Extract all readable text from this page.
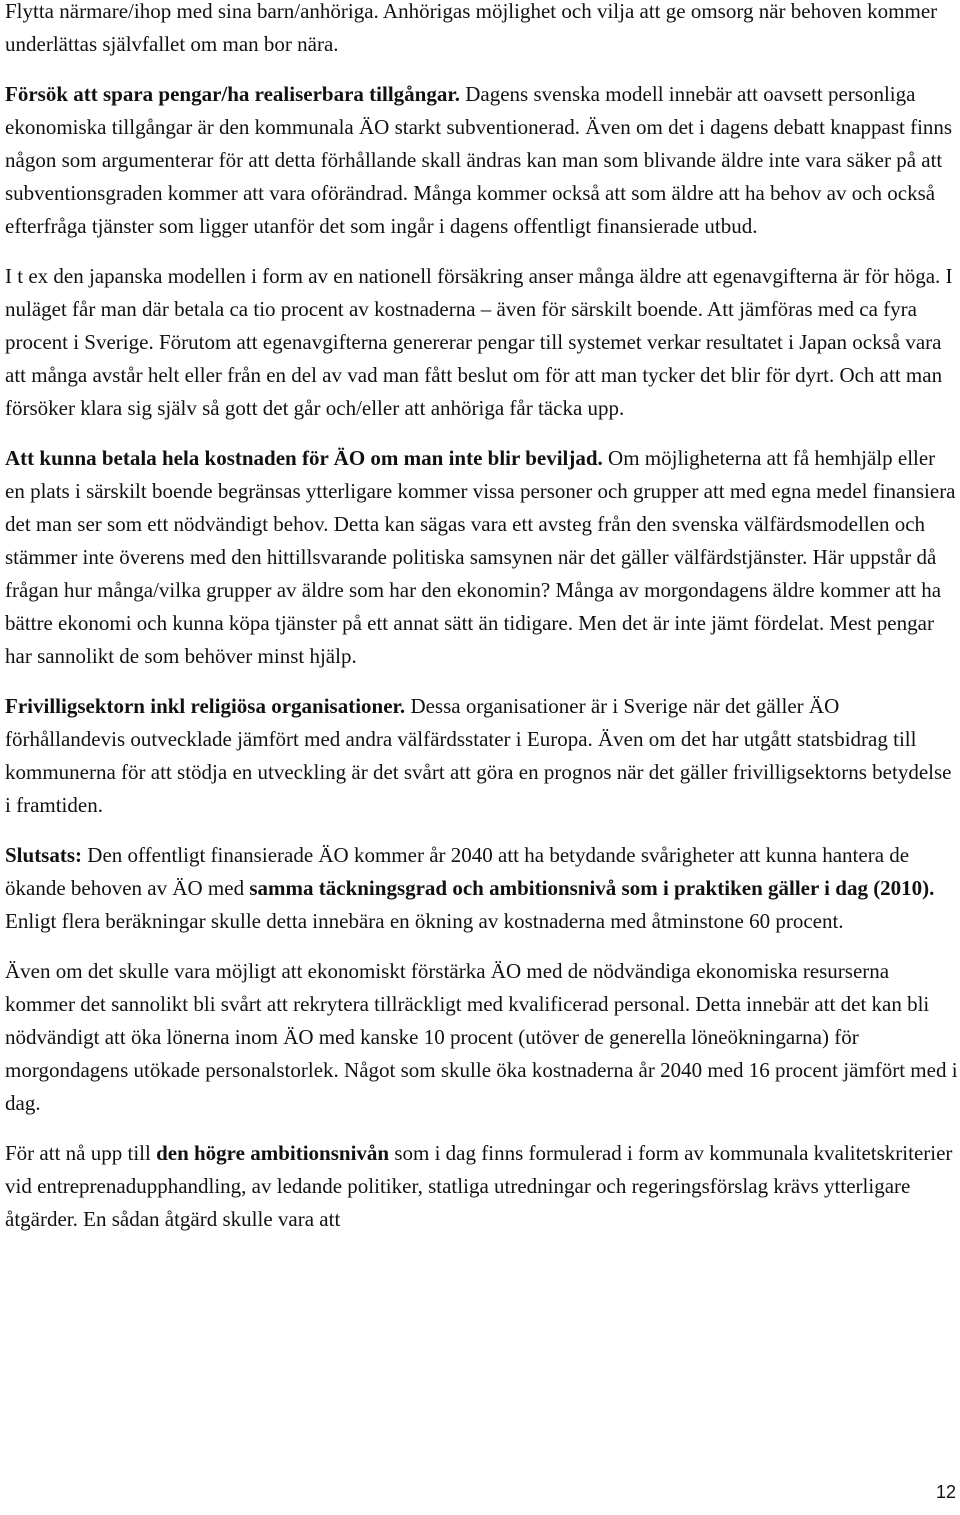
Flytta närmare/ihop med sina barn/anhöriga. Anhörigas möjlighet och vilja att ge omsorg när behoven kommer underlättas självfallet om man bor nära.

Försök att spara pengar/ha realiserbara tillgångar. Dagens svenska modell innebär att oavsett personliga ekonomiska tillgångar är den kommunala ÄO starkt subventionerad. Även om det i dagens debatt knappast finns någon som argumenterar för att detta förhållande skall ändras kan man som blivande äldre inte vara säker på att subventionsgraden kommer att vara oförändrad. Många kommer också att som äldre att ha behov av och också efterfråga tjänster som ligger utanför det som ingår i dagens offentligt finansierade utbud.

I t ex den japanska modellen i form av en nationell försäkring anser många äldre att egenavgifterna är för höga. I nuläget får man där betala ca tio procent av kostnaderna – även för särskilt boende. Att jämföras med ca fyra procent i Sverige. Förutom att egenavgifterna genererar pengar till systemet verkar resultatet i Japan också vara att många avstår helt eller från en del av vad man fått beslut om för att man tycker det blir för dyrt. Och att man försöker klara sig själv så gott det går och/eller att anhöriga får täcka upp.

Att kunna betala hela kostnaden för ÄO om man inte blir beviljad. Om möjligheterna att få hemhjälp eller en plats i särskilt boende begränsas ytterligare kommer vissa personer och grupper att med egna medel finansiera det man ser som ett nödvändigt behov. Detta kan sägas vara ett avsteg från den svenska välfärdsmodellen och stämmer inte överens med den hittillsvarande politiska samsynen när det gäller välfärdstjänster. Här uppstår då frågan hur många/vilka grupper av äldre som har den ekonomin? Många av morgondagens äldre kommer att ha bättre ekonomi och kunna köpa tjänster på ett annat sätt än tidigare. Men det är inte jämt fördelat. Mest pengar har sannolikt de som behöver minst hjälp.

Frivilligsektorn inkl religiösa organisationer. Dessa organisationer är i Sverige när det gäller ÄO förhållandevis outvecklade jämfört med andra välfärdsstater i Europa. Även om det har utgått statsbidrag till kommunerna för att stödja en utveckling är det svårt att göra en prognos när det gäller frivilligsektorns betydelse i framtiden.

Slutsats: Den offentligt finansierade ÄO kommer år 2040 att ha betydande svårigheter att kunna hantera de ökande behoven av ÄO med samma täckningsgrad och ambitionsnivå som i praktiken gäller i dag (2010). Enligt flera beräkningar skulle detta innebära en ökning av kostnaderna med åtminstone 60 procent.

Även om det skulle vara möjligt att ekonomiskt förstärka ÄO med de nödvändiga ekonomiska resurserna kommer det sannolikt bli svårt att rekrytera tillräckligt med kvalificerad personal. Detta innebär att det kan bli nödvändigt att öka lönerna inom ÄO med kanske 10 procent (utöver de generella löneökningarna) för morgondagens utökade personalstorlek. Något som skulle öka kostnaderna år 2040 med 16 procent jämfört med i dag.

För att nå upp till den högre ambitionsnivån som i dag finns formulerad i form av kommunala kvalitetskriterier vid entreprenadupphandling, av ledande politiker, statliga utredningar och regeringsförslag krävs ytterligare åtgärder. En sådan åtgärd skulle vara att

12
